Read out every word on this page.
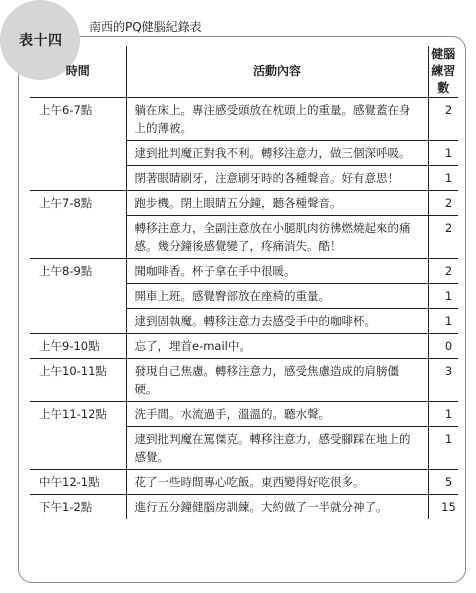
表十四
南西的PQ健腦紀錄表
時間	活動內容	健腦
練習數

上午6-7點	躺在床上。專注感受頭放在枕頭上的重量。感覺蓋在身上的薄被。	2
	逮到批判魔正對我不利。轉移注意力，做三個深呼吸。	1
	閉著眼睛刷牙，注意刷牙時的各種聲音。好有意思！	1
上午7-8點	跑步機。閉上眼睛五分鐘，聽各種聲音。	2
	轉移注意力，全副注意放在小腿肌肉彷彿燃燒起來的痛感。幾分鐘後感覺變了，疼痛消失。酷！	2
上午8-9點	聞咖啡香。杯子拿在手中很暖。	2
	開車上班。感覺臀部放在座椅的重量。	1
	逮到固執魔。轉移注意力去感受手中的咖啡杯。	1
上午9-10點	忘了，埋首e-mail中。	0
上午10-11點	發現自己焦慮。轉移注意力，感受焦慮造成的肩膀僵硬。	3
上午11-12點	洗手間。水流過手，溫溫的。聽水聲。	1
	逮到批判魔在罵傑克。轉移注意力，感受腳踩在地上的感覺。	1
中午12-1點	花了一些時間專心吃飯。東西變得好吃很多。	5
下午1-2點	進行五分鐘健腦房訓練。大約做了一半就分神了。	15
